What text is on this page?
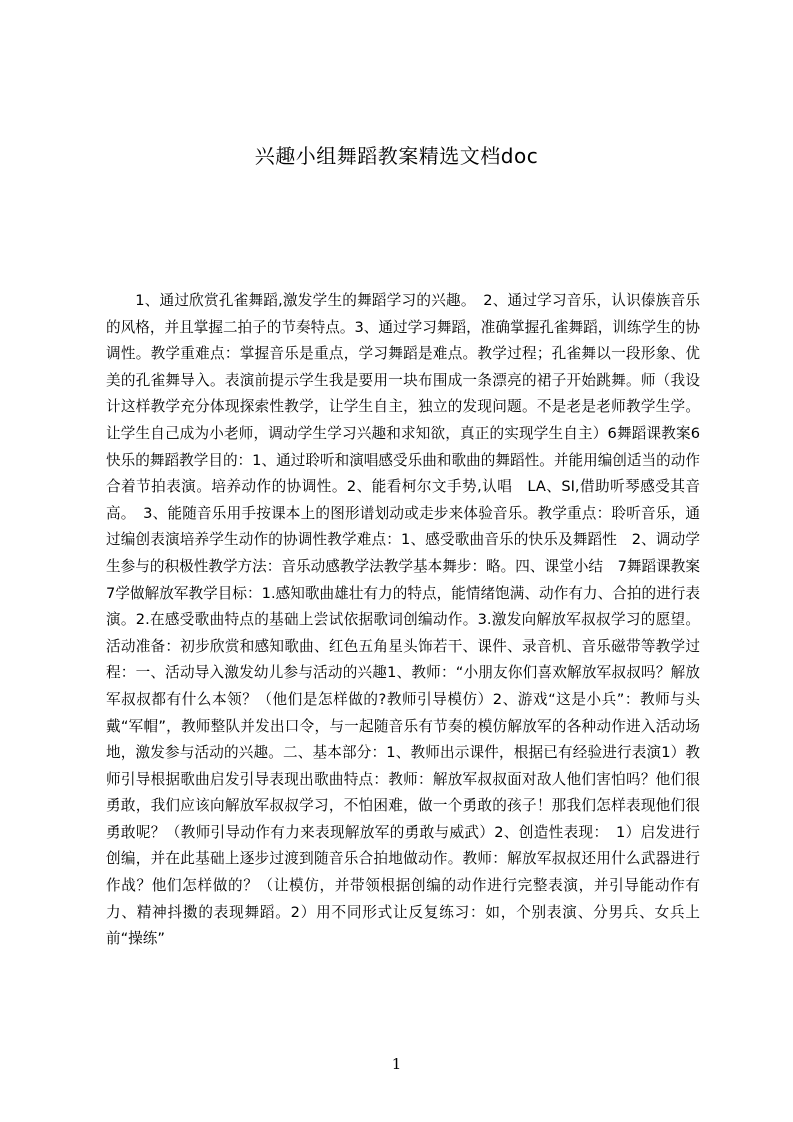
兴趣小组舞蹈教案精选文档doc

1、通过欣赏孔雀舞蹈,激发学生的舞蹈学习的兴趣。　2、通过学习音乐，认识傣族音乐的风格，并且掌握二拍子的节奏特点。3、通过学习舞蹈，准确掌握孔雀舞蹈，训练学生的协调性。教学重难点：掌握音乐是重点，学习舞蹈是难点。教学过程；孔雀舞以一段形象、优美的孔雀舞导入。表演前提示学生我是要用一块布围成一条漂亮的裙子开始跳舞。师（我设计这样教学充分体现探索性教学，让学生自主，独立的发现问题。不是老是老师教学生学。让学生自己成为小老师，调动学生学习兴趣和求知欲，真正的实现学生自主）6舞蹈课教案6快乐的舞蹈教学目的：1、通过聆听和演唱感受乐曲和歌曲的舞蹈性。并能用编创适当的动作合着节拍表演。培养动作的协调性。2、能看柯尔文手势,认唱　LA、SI,借助听琴感受其音高。　3、能随音乐用手按课本上的图形谱划动或走步来体验音乐。教学重点：聆听音乐，通过编创表演培养学生动作的协调性教学难点：1、感受歌曲音乐的快乐及舞蹈性　2、调动学生参与的积极性教学方法：音乐动感教学法教学基本舞步：略。四、课堂小结　7舞蹈课教案7学做解放军教学目标：1.感知歌曲雄壮有力的特点，能情绪饱满、动作有力、合拍的进行表演。2.在感受歌曲特点的基础上尝试依据歌词创编动作。3.激发向解放军叔叔学习的愿望。活动准备：初步欣赏和感知歌曲、红色五角星头饰若干、课件、录音机、音乐磁带等教学过程：一、活动导入激发幼儿参与活动的兴趣1、教师：“小朋友你们喜欢解放军叔叔吗？解放军叔叔都有什么本领？（他们是怎样做的?教师引导模仿）2、游戏“这是小兵”：教师与头戴“军帽”，教师整队并发出口令，与一起随音乐有节奏的模仿解放军的各种动作进入活动场地，激发参与活动的兴趣。二、基本部分：1、教师出示课件，根据已有经验进行表演1）教师引导根据歌曲启发引导表现出歌曲特点：教师：解放军叔叔面对敌人他们害怕吗？他们很勇敢，我们应该向解放军叔叔学习，不怕困难，做一个勇敢的孩子！那我们怎样表现他们很勇敢呢？（教师引导动作有力来表现解放军的勇敢与威武）2、创造性表现：　1）启发进行创编，并在此基础上逐步过渡到随音乐合拍地做动作。教师：解放军叔叔还用什么武器进行作战？他们怎样做的？（让模仿，并带领根据创编的动作进行完整表演，并引导能动作有力、精神抖擞的表现舞蹈。2）用不同形式让反复练习：如，个别表演、分男兵、女兵上前“操练”

1
